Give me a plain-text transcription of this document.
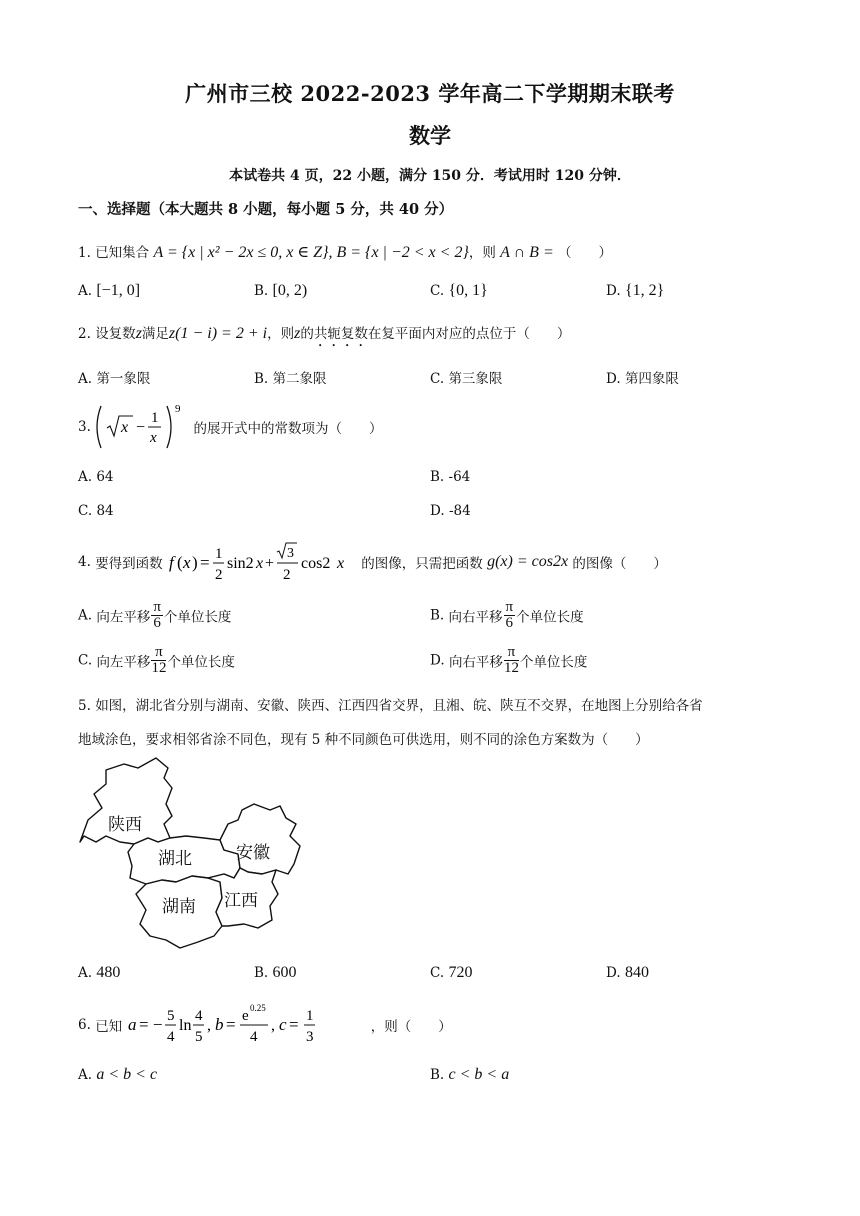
广州市三校 2022-2023 学年高二下学期期末联考
数学
本试卷共 4 页，22 小题，满分 150 分．考试用时 120 分钟．
一、选择题（本大题共 8 小题，每小题 5 分，共 40 分）
1. 已知集合 A = {x | x² − 2x ≤ 0, x ∈ Z}, B = {x | −2 < x < 2}，则 A ∩ B = （　　）
A. [−1, 0]	B. [0, 2)	C. {0, 1}	D. {1, 2}
2. 设复数z满足z(1 − i) = 2 + i，则z的共轭复数在复平面内对应的点位于（　　）
A. 第一象限	B. 第二象限	C. 第三象限	D. 第四象限
3. x −
1
x
9
的展开式中的常数项为（　　）
A. 64	B. -64
C. 84	D. -84
4. 要得到函数 f ( x ) = 1
2
sin2 x +
3
2
cos2 x 的图像，只需把函数 g(x) = cos2x 的图像（　　）
A. 向左平移 $\frac{\pi}{6}$ 个单位长度	B. 向右平移 $\frac{\pi}{6}$ 个单位长度
C. 向左平移 $\frac{\pi}{12}$ 个单位长度	D. 向右平移 $\frac{\pi}{12}$ 个单位长度
5. 如图，湖北省分别与湖南、安徽、陕西、江西四省交界，且湘、皖、陕互不交界，在地图上分别给各省
地域涂色，要求相邻省涂不同色，现有 5 种不同颜色可供选用，则不同的涂色方案数为（　　）
陕西
湖北	安徽
湖南 江西
A. 480	B. 600	C. 720	D. 840
6. 已知 a = − 5
4
ln
4
5
, b = e 0.25
4
, c = 1
3
，则（　　）
A. a < b < c	B. c < b < a
